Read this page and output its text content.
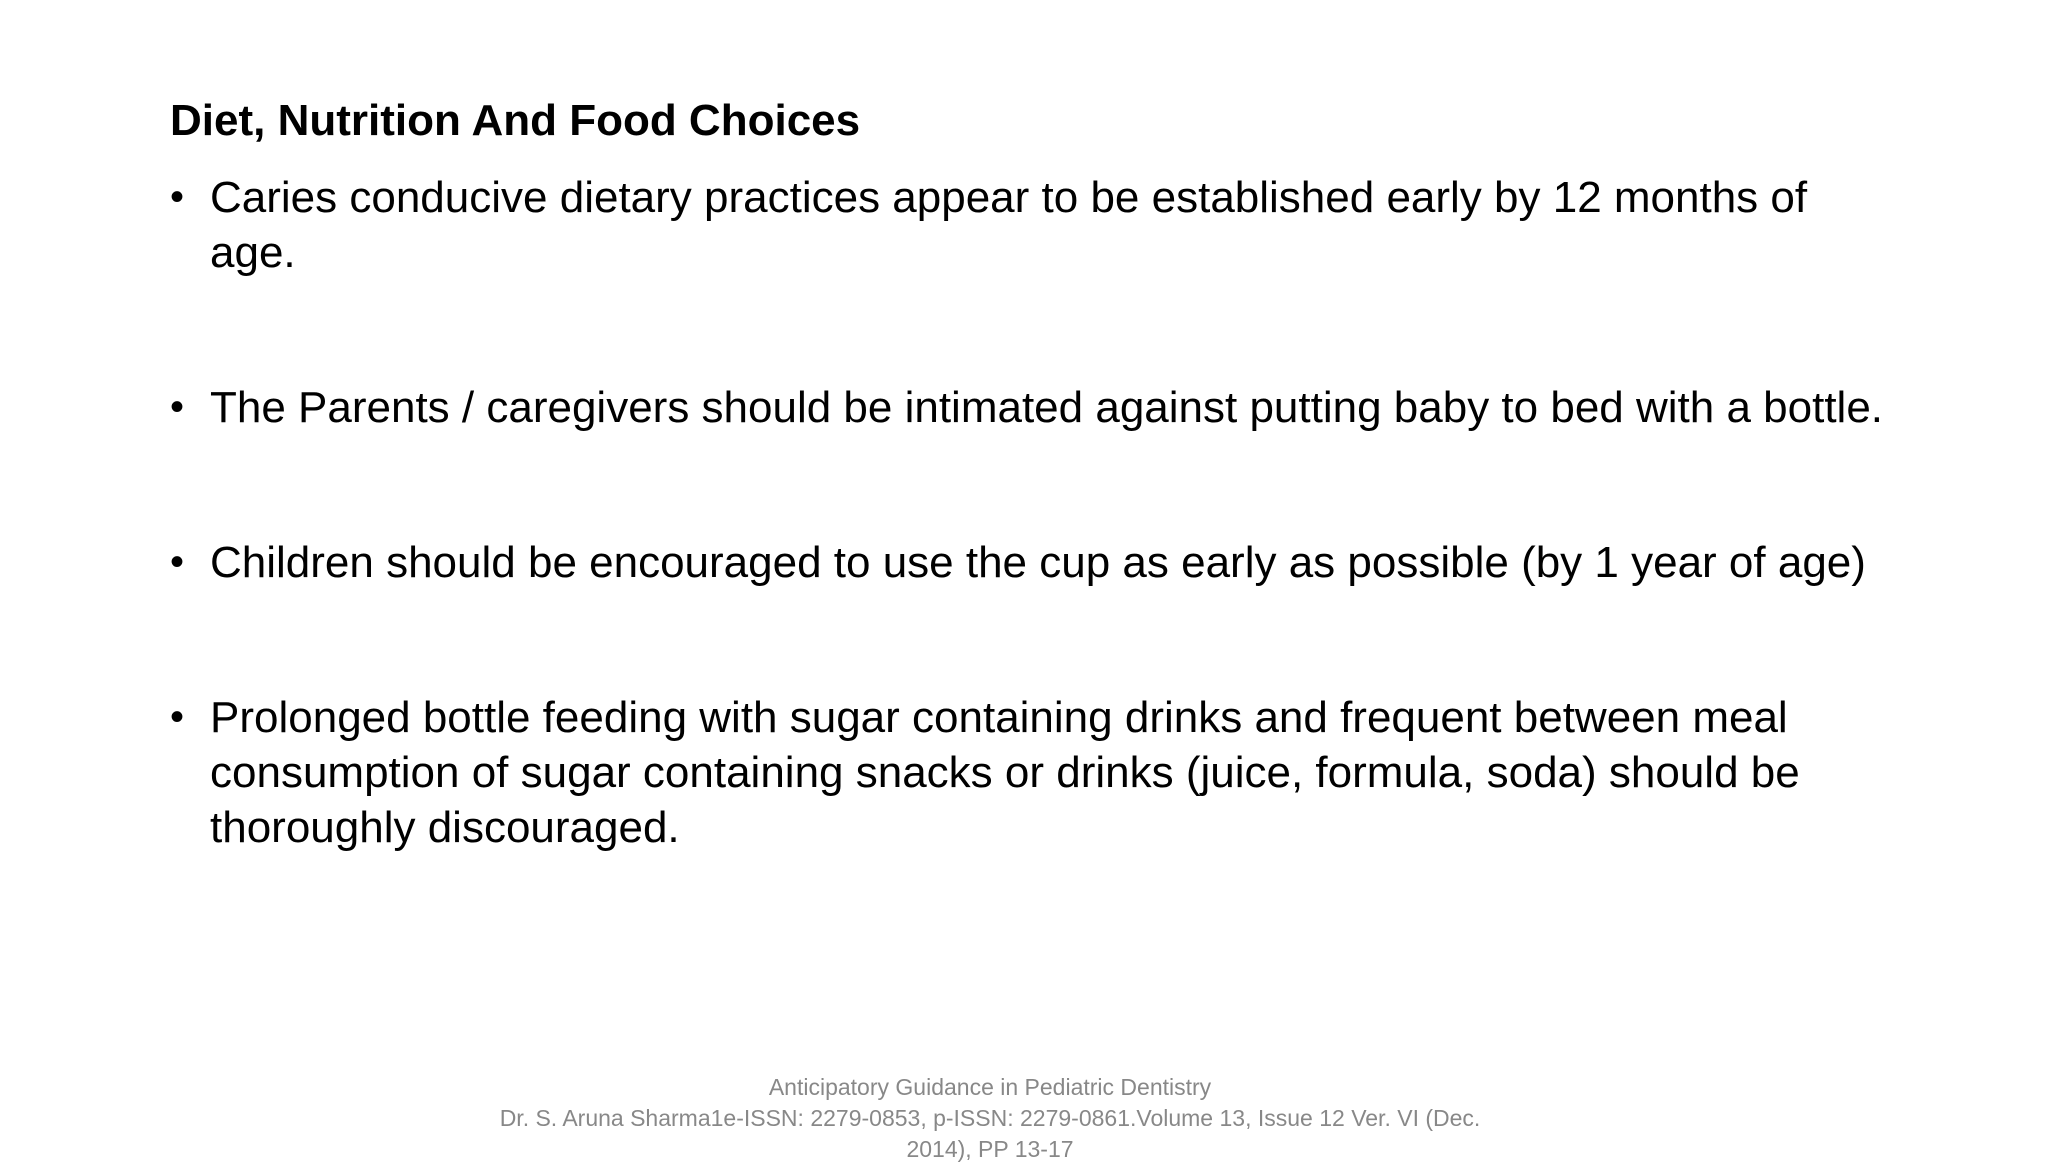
Diet, Nutrition And Food Choices
• Caries conducive dietary practices appear to be established early by 12 months of age.
• The Parents / caregivers should be intimated against putting baby to bed with a bottle.
• Children should be encouraged to use the cup as early as possible (by 1 year of age)
• Prolonged bottle feeding with sugar containing drinks and frequent between meal consumption of sugar containing snacks or drinks (juice, formula, soda) should be thoroughly discouraged.
Anticipatory Guidance in Pediatric Dentistry
Dr. S. Aruna Sharma1e-ISSN: 2279-0853, p-ISSN: 2279-0861.Volume 13, Issue 12 Ver. VI (Dec.
2014), PP 13-17
